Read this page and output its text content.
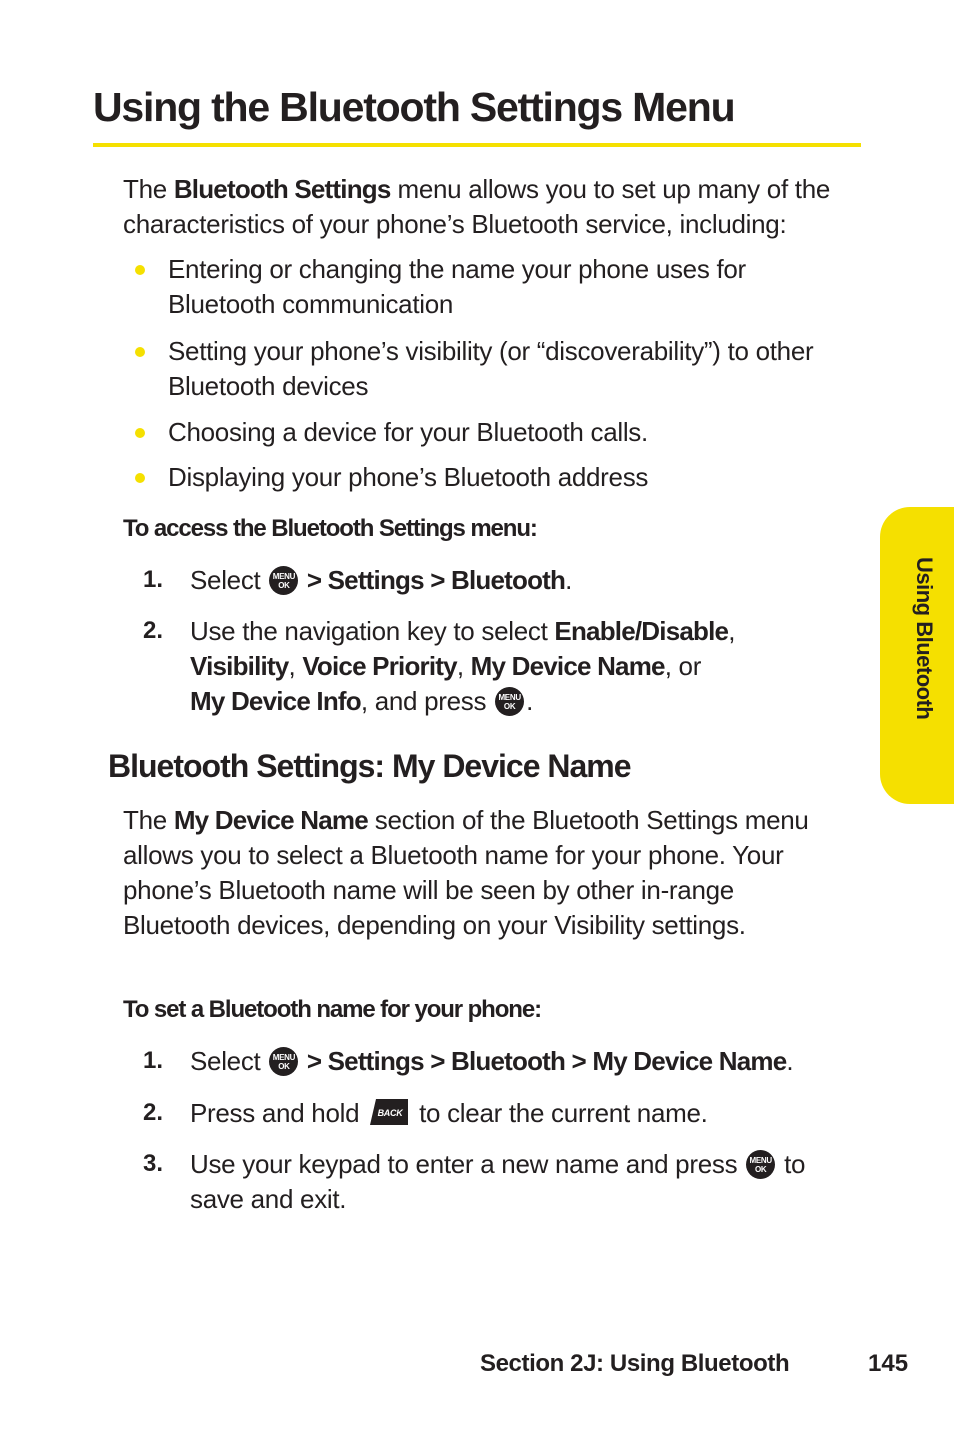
Using the Bluetooth Settings Menu
The Bluetooth Settings menu allows you to set up many of the characteristics of your phone’s Bluetooth service, including:
Entering or changing the name your phone uses for Bluetooth communication
Setting your phone’s visibility (or “discoverability”) to other Bluetooth devices
Choosing a device for your Bluetooth calls.
Displaying your phone’s Bluetooth address
To access the Bluetooth Settings menu:
1.	Select MENU
OK > Settings > Bluetooth.
2.	Use the navigation key to select Enable/Disable,
Visibility, Voice Priority, My Device Name, or
My Device Info, and press MENU
OK .
Bluetooth Settings: My Device Name
The My Device Name section of the Bluetooth Settings menu allows you to select a Bluetooth name for your phone. Your phone’s Bluetooth name will be seen by other in-range Bluetooth devices, depending on your Visibility settings.
To set a Bluetooth name for your phone:
1.	Select MENU
OK > Settings > Bluetooth > My Device Name.
2.	Press and hold BACK to clear the current name.
3.	Use your keypad to enter a new name and press MENU
OK to save and exit.
Using Bluetooth
Section 2J: Using Bluetooth	145
